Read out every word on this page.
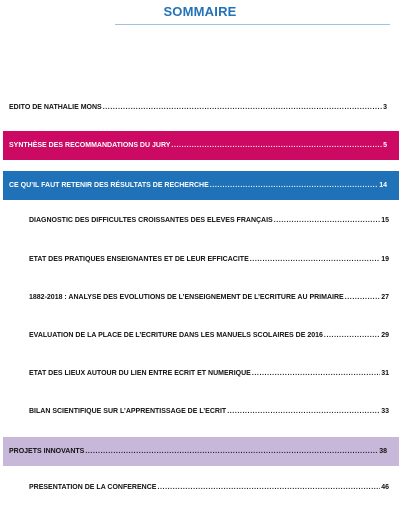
SOMMAIRE
ÉDITO DE NATHALIE MONS .....	3
SYNTHÈSE DES RECOMMANDATIONS DU JURY .....	5
CE QU’IL FAUT RETENIR DES RÉSULTATS DE RECHERCHE .....	14
DIAGNOSTIC DES DIFFICULTÉS CROISSANTES DES ÉLÈVES FRANÇAIS .....	15
ÉTAT DES PRATIQUES ENSEIGNANTES ET DE LEUR EFFICACITÉ .....	19
1882-2018 : ANALYSE DES ÉVOLUTIONS DE L’ENSEIGNEMENT DE L’ECRITURE AU PRIMAIRE .....	27
ÉVALUATION DE LA PLACE DE L’ÉCRITURE DANS LES MANUELS SCOLAIRES DE 2016 .....	29
ÉTAT DES LIEUX AUTOUR DU LIEN ENTRE ÉCRIT ET NUMÉRIQUE .....	31
BILAN SCIENTIFIQUE SUR L’APPRENTISSAGE DE L’ÉCRIT .....	33
PROJETS INNOVANTS .....	38
PRÉSENTATION DE LA CONFÉRENCE .....	46
